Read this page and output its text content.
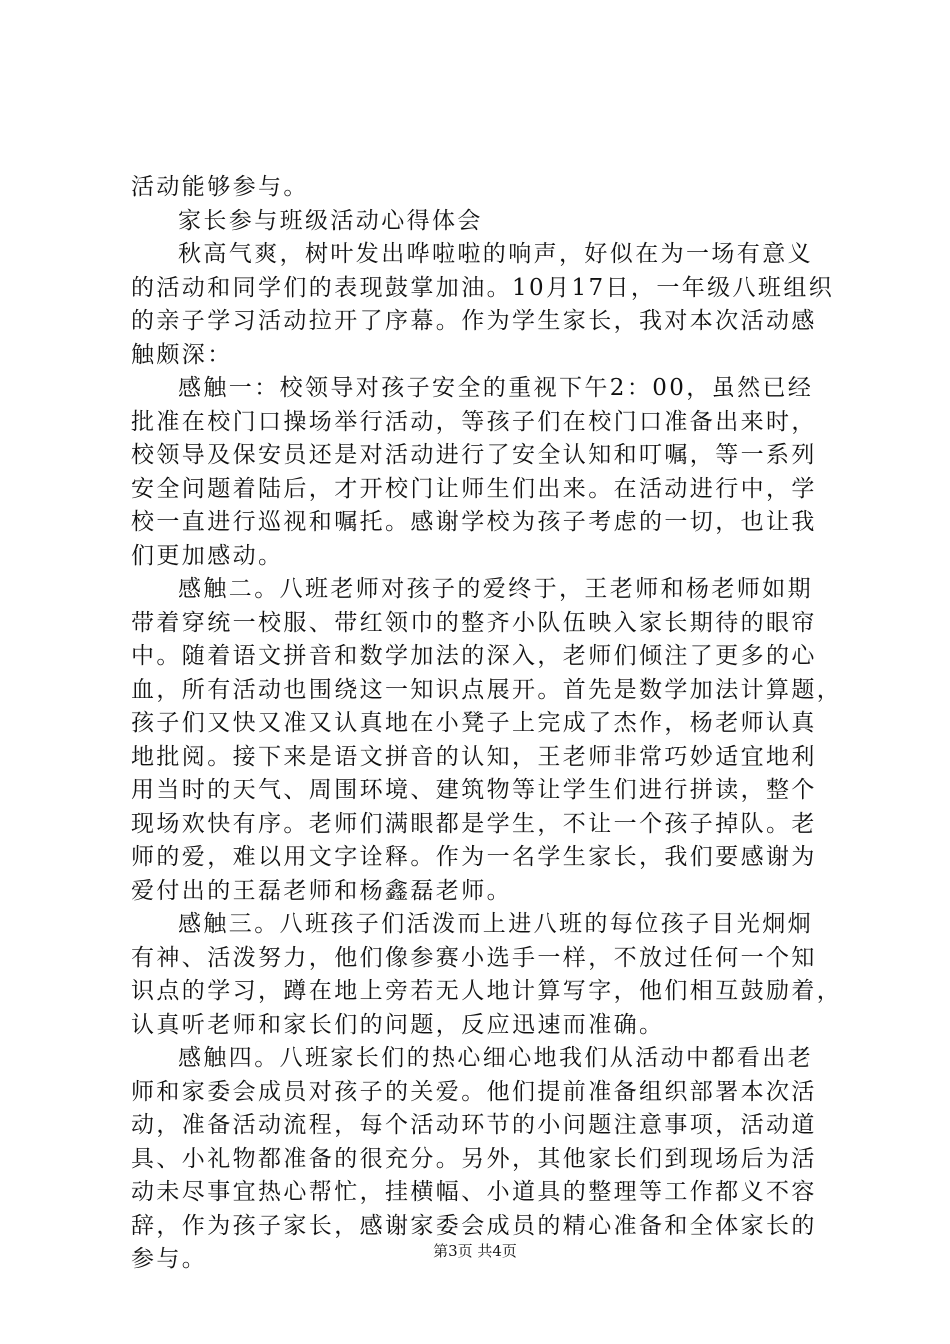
活动能够参与。
家长参与班级活动心得体会
秋高气爽，树叶发出哗啦啦的响声，好似在为一场有意义
的活动和同学们的表现鼓掌加油。10月17日，一年级八班组织
的亲子学习活动拉开了序幕。作为学生家长，我对本次活动感
触颇深：
感触一：校领导对孩子安全的重视下午2：00，虽然已经
批准在校门口操场举行活动，等孩子们在校门口准备出来时，
校领导及保安员还是对活动进行了安全认知和叮嘱，等一系列
安全问题着陆后，才开校门让师生们出来。在活动进行中，学
校一直进行巡视和嘱托。感谢学校为孩子考虑的一切，也让我
们更加感动。
感触二。八班老师对孩子的爱终于，王老师和杨老师如期
带着穿统一校服、带红领巾的整齐小队伍映入家长期待的眼帘
中。随着语文拼音和数学加法的深入，老师们倾注了更多的心
血，所有活动也围绕这一知识点展开。首先是数学加法计算题，
孩子们又快又准又认真地在小凳子上完成了杰作，杨老师认真
地批阅。接下来是语文拼音的认知，王老师非常巧妙适宜地利
用当时的天气、周围环境、建筑物等让学生们进行拼读，整个
现场欢快有序。老师们满眼都是学生，不让一个孩子掉队。老
师的爱，难以用文字诠释。作为一名学生家长，我们要感谢为
爱付出的王磊老师和杨鑫磊老师。
感触三。八班孩子们活泼而上进八班的每位孩子目光炯炯
有神、活泼努力，他们像参赛小选手一样，不放过任何一个知
识点的学习，蹲在地上旁若无人地计算写字，他们相互鼓励着，
认真听老师和家长们的问题，反应迅速而准确。
感触四。八班家长们的热心细心地我们从活动中都看出老
师和家委会成员对孩子的关爱。他们提前准备组织部署本次活
动，准备活动流程，每个活动环节的小问题注意事项，活动道
具、小礼物都准备的很充分。另外，其他家长们到现场后为活
动未尽事宜热心帮忙，挂横幅、小道具的整理等工作都义不容
辞，作为孩子家长，感谢家委会成员的精心准备和全体家长的
参与。	第3页 共4页
